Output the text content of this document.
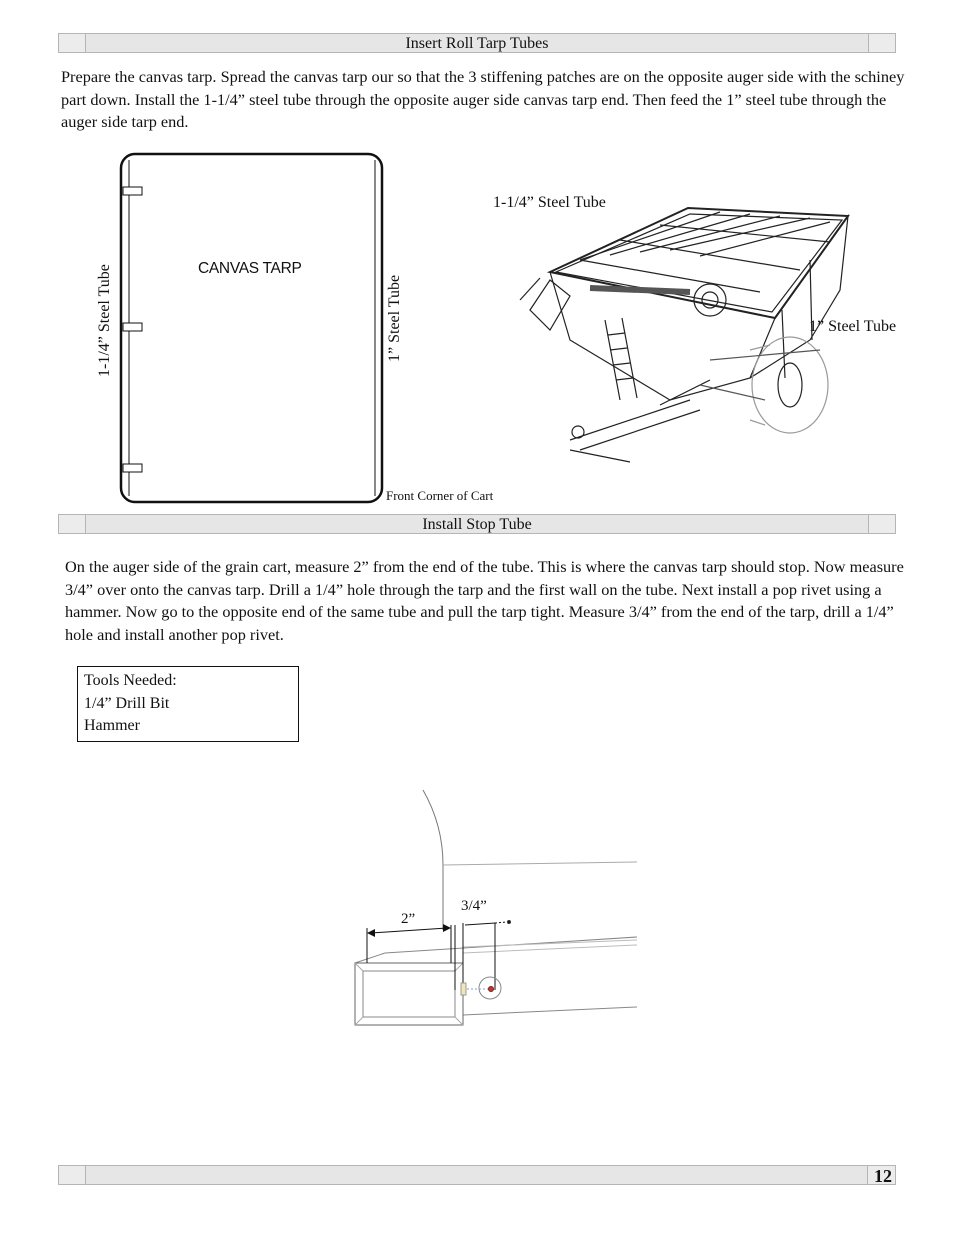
Insert Roll Tarp Tubes
Prepare the canvas tarp. Spread the canvas tarp our so that the 3 stiffening patches are on the opposite auger side with the schiney part down. Install the 1-1/4” steel tube through the opposite auger side canvas tarp end. Then feed the 1” steel tube through the auger side tarp end.
CANVAS TARP
1-1/4” Steel Tube	1” Steel Tube
Front Corner of Cart
1-1/4” Steel Tube
1” Steel Tube
Install Stop Tube
On the auger side of the grain cart, measure 2” from the end of the tube. This is where the canvas tarp should stop. Now measure 3/4” over onto the canvas tarp. Drill a 1/4” hole through the tarp and the first wall on the tube. Next install a pop rivet using a hammer. Now go to the opposite end of the same tube and pull the tarp tight. Measure 3/4” from the end of the tarp, drill a 1/4” hole and install another pop rivet.
Tools Needed:
1/4” Drill Bit
Hammer
2”
3/4”
12
